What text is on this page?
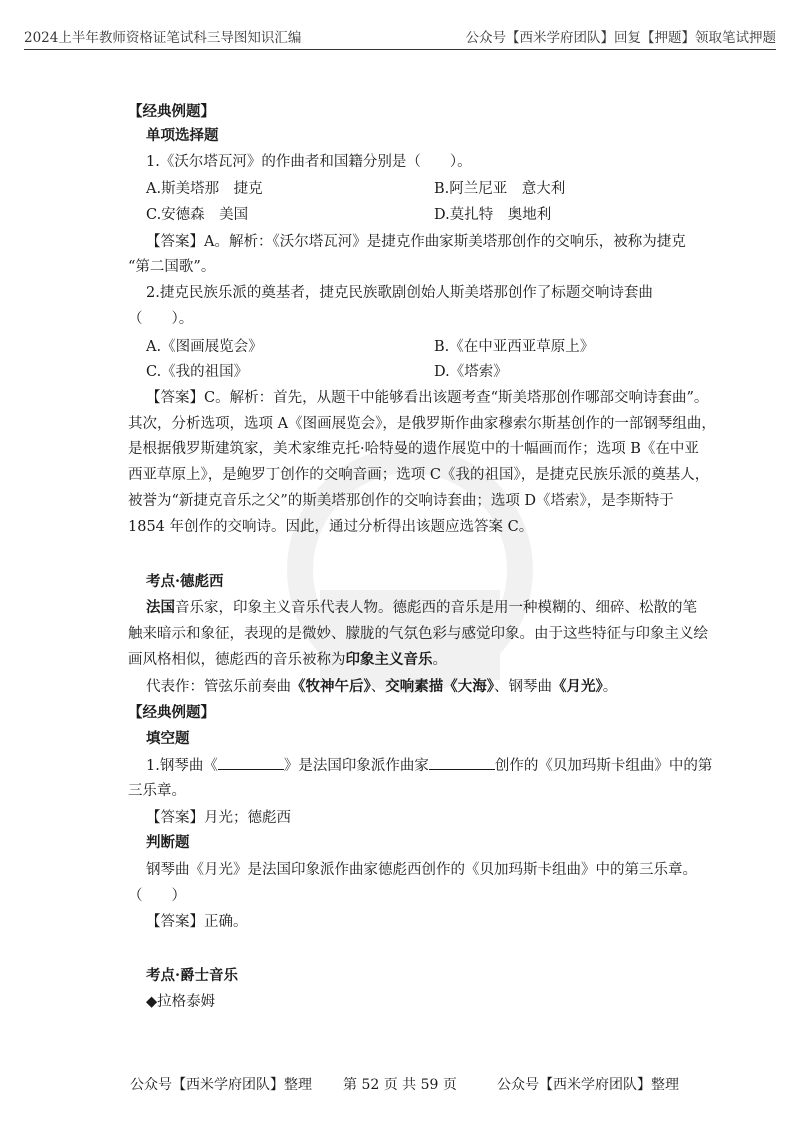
2024上半年教师资格证笔试科三导图知识汇编	公众号【西米学府团队】回复【押题】领取笔试押题
【经典例题】
单项选择题
1.《沃尔塔瓦河》的作曲者和国籍分别是（　　）。
A.斯美塔那　捷克	B.阿兰尼亚　意大利
C.安德森　美国	D.莫扎特　奥地利
【答案】A。解析：《沃尔塔瓦河》是捷克作曲家斯美塔那创作的交响乐，被称为捷克
“第二国歌”。
2.捷克民族乐派的奠基者，捷克民族歌剧创始人斯美塔那创作了标题交响诗套曲
（　　）。
A.《图画展览会》	B.《在中亚西亚草原上》
C.《我的祖国》	D.《塔索》
【答案】C。解析：首先，从题干中能够看出该题考查“斯美塔那创作哪部交响诗套曲”。
其次，分析选项，选项 A《图画展览会》，是俄罗斯作曲家穆索尔斯基创作的一部钢琴组曲，
是根据俄罗斯建筑家，美术家维克托·哈特曼的遗作展览中的十幅画而作；选项 B《在中亚
西亚草原上》，是鲍罗丁创作的交响音画；选项 C《我的祖国》，是捷克民族乐派的奠基人，
被誉为“新捷克音乐之父”的斯美塔那创作的交响诗套曲；选项 D《塔索》，是李斯特于
1854 年创作的交响诗。因此，通过分析得出该题应选答案 C。
考点·德彪西
法国音乐家，印象主义音乐代表人物。德彪西的音乐是用一种模糊的、细碎、松散的笔
触来暗示和象征，表现的是微妙、朦胧的气氛色彩与感觉印象。由于这些特征与印象主义绘
画风格相似，德彪西的音乐被称为印象主义音乐。
代表作：管弦乐前奏曲《牧神午后》、交响素描《大海》、钢琴曲《月光》。
【经典例题】
填空题
1.钢琴曲《	》是法国印象派作曲家	创作的《贝加玛斯卡组曲》中的第
三乐章。
【答案】月光；德彪西
判断题
钢琴曲《月光》是法国印象派作曲家德彪西创作的《贝加玛斯卡组曲》中的第三乐章。
（　　）
【答案】正确。
考点·爵士音乐
◆拉格泰姆
公众号【西米学府团队】整理 第 52 页 共 59 页	公众号【西米学府团队】整理
